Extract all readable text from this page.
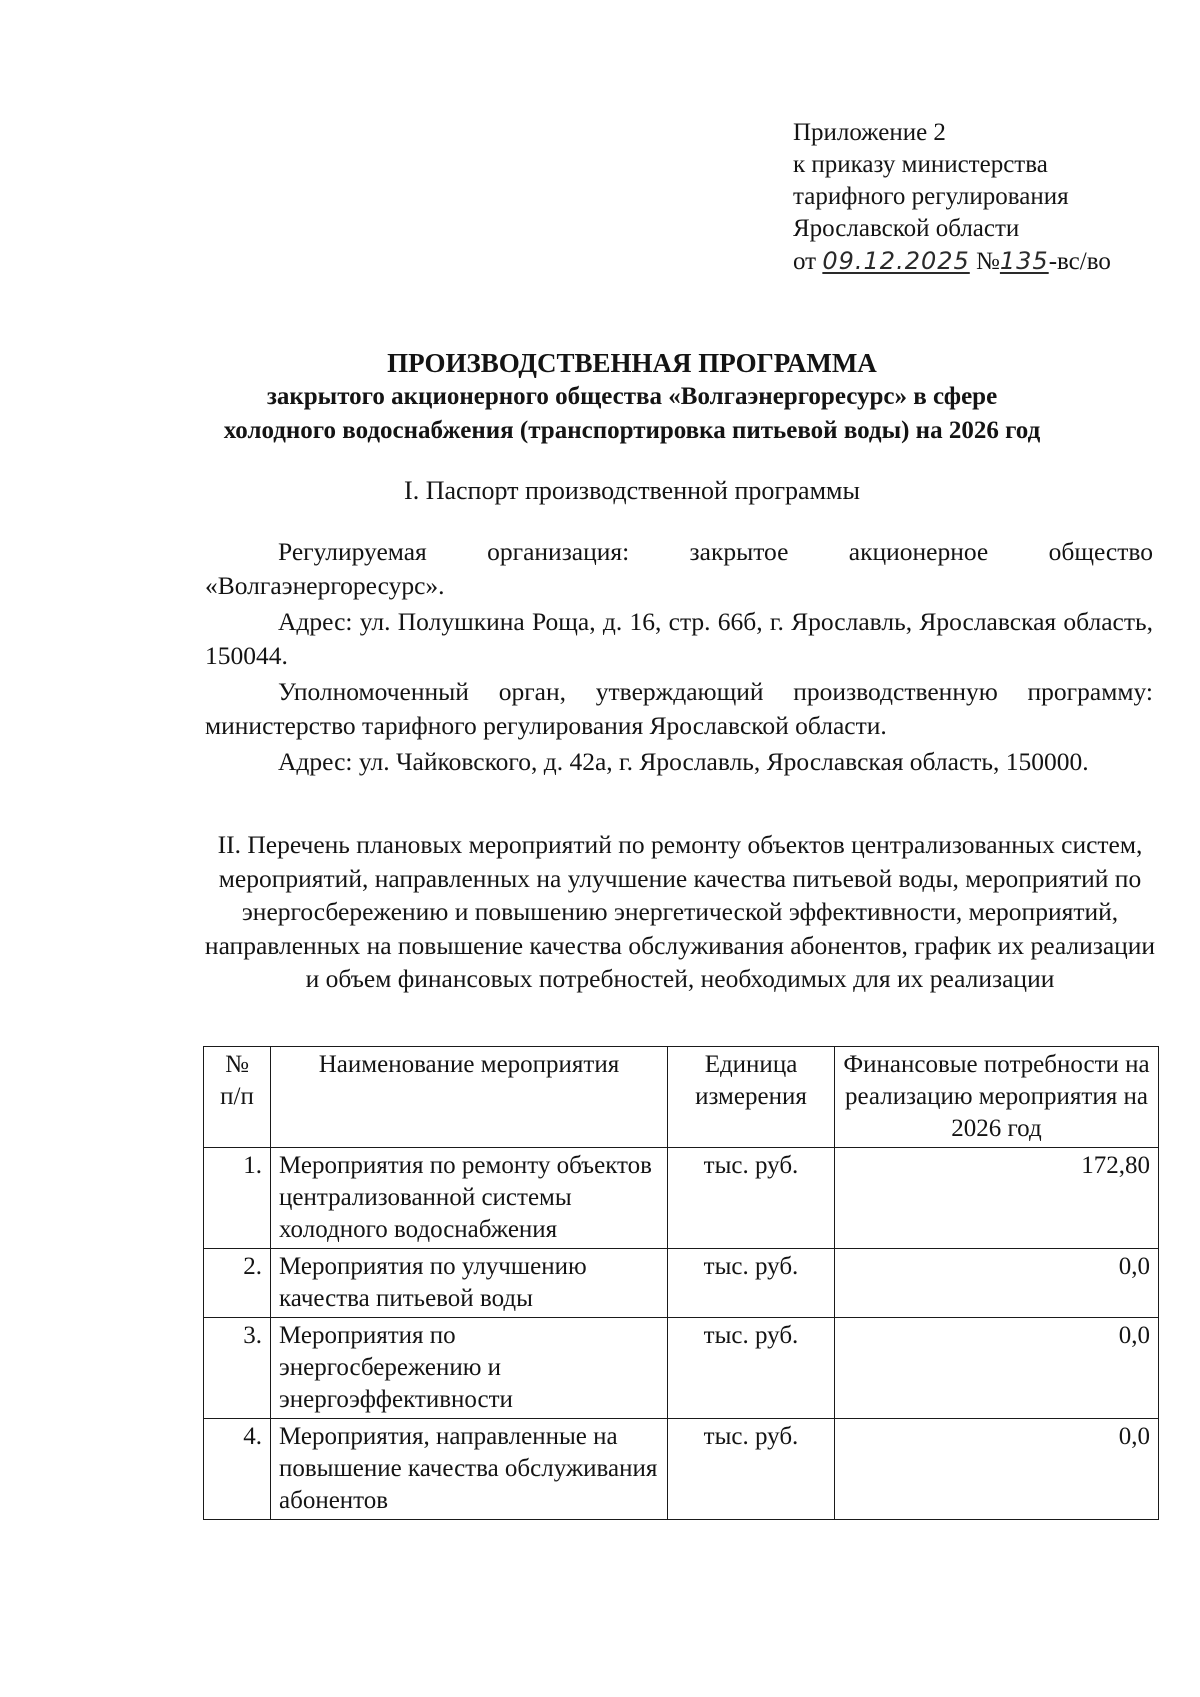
Приложение 2
к приказу министерства
тарифного регулирования
Ярославской области
от 09.12.2025 №135-вс/во
ПРОИЗВОДСТВЕННАЯ ПРОГРАММА
закрытого акционерного общества «Волгаэнергоресурс» в сфере
холодного водоснабжения (транспортировка питьевой воды) на 2026 год
I. Паспорт производственной программы

Регулируемая организация: закрытое акционерное общество «Волгаэнергоресурс».

Адрес: ул. Полушкина Роща, д. 16, стр. 66б, г. Ярославль, Ярославская область, 150044.

Уполномоченный орган, утверждающий производственную программу: министерство тарифного регулирования Ярославской области.

Адрес: ул. Чайковского, д. 42а, г. Ярославль, Ярославская область, 150000.

II. Перечень плановых мероприятий по ремонту объектов централизованных систем, мероприятий, направленных на улучшение качества питьевой воды, мероприятий по энергосбережению и повышению энергетической эффективности, мероприятий, направленных на повышение качества обслуживания абонентов, график их реализации и объем финансовых потребностей, необходимых для их реализации
№ п/п	Наименование мероприятия	Единица измерения	Финансовые потребности на реализацию мероприятия на 2026 год
1.	Мероприятия по ремонту объектов централизованной системы холодного водоснабжения	тыс. руб.	172,80
2.	Мероприятия по улучшению качества питьевой воды	тыс. руб.	0,0
3.	Мероприятия по энергосбережению и энергоэффективности	тыс. руб.	0,0
4.	Мероприятия, направленные на повышение качества обслуживания абонентов	тыс. руб.	0,0
